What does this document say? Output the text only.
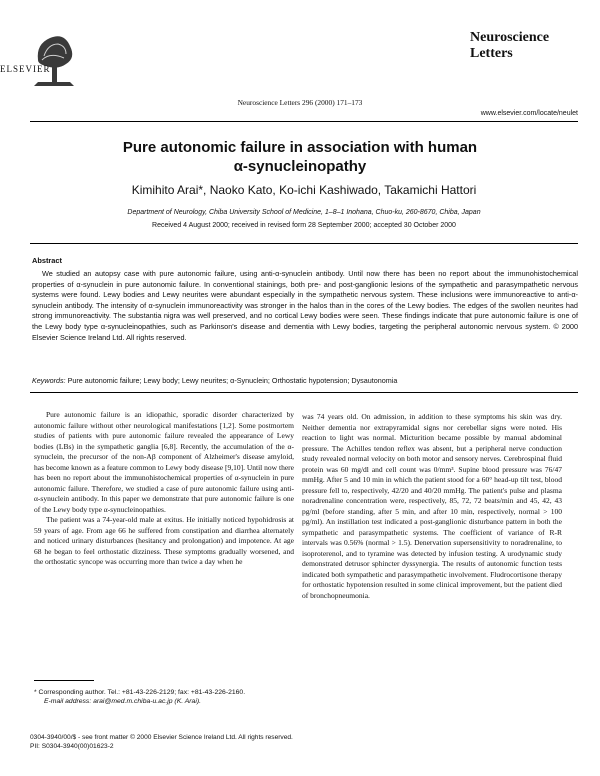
ELSEVIER
Neuroscience Letters 296 (2000) 171–173
Neuroscience
Letters
www.elsevier.com/locate/neulet
Pure autonomic failure in association with human
α-synucleinopathy
Kimihito Arai*, Naoko Kato, Ko-ichi Kashiwado, Takamichi Hattori
Department of Neurology, Chiba University School of Medicine, 1–8–1 Inohana, Chuo-ku, 260-8670, Chiba, Japan
Received 4 August 2000; received in revised form 28 September 2000; accepted 30 October 2000
Abstract

We studied an autopsy case with pure autonomic failure, using anti-α-synuclein antibody. Until now there has been no report about the immunohistochemical properties of α-synuclein in pure autonomic failure. In conventional stainings, both pre- and post-ganglionic lesions of the sympathetic and parasympathetic nervous systems were found. Lewy bodies and Lewy neurites were abundant especially in the sympathetic nervous system. These inclusions were immunoreactive to anti-α-synuclein antibody. The intensity of α-synuclein immunoreactivity was stronger in the halos than in the cores of the Lewy bodies. The edges of the swollen neurites had strong immunoreactivity. The substantia nigra was well preserved, and no cortical Lewy bodies were seen. These findings indicate that pure autonomic failure is one of the Lewy body type α-synucleinopathies, such as Parkinson's disease and dementia with Lewy bodies, targeting the peripheral autonomic nervous system. © 2000 Elsevier Science Ireland Ltd. All rights reserved.

Keywords: Pure autonomic failure; Lewy body; Lewy neurites; α-Synuclein; Orthostatic hypotension; Dysautonomia

Pure autonomic failure is an idiopathic, sporadic disorder characterized by autonomic failure without other neurological manifestations [1,2]. Some postmortem studies of patients with pure autonomic failure revealed the appearance of Lewy bodies (LBs) in the sympathetic ganglia [6,8]. Recently, the accumulation of the α-synuclein, the precursor of the non-Aβ component of Alzheimer's disease amyloid, has become known as a feature common to Lewy body disease [9,10]. Until now there has been no report about the immunohistochemical properties of α-synuclein in pure autonomic failure. Therefore, we studied a case of pure autonomic failure using anti-α-synuclein antibody. In this paper we demonstrate that pure autonomic failure is one of the Lewy body type α-synucleinopathies.

The patient was a 74-year-old male at exitus. He initially noticed hypohidrosis at 59 years of age. From age 66 he suffered from constipation and diarrhea alternately and noticed urinary disturbances (hesitancy and prolongation) and impotence. At age 68 he began to feel orthostatic dizziness. These symptoms gradually worsened, and the orthostatic syncope was occurring more than twice a day when he

was 74 years old. On admission, in addition to these symptoms his skin was dry. Neither dementia nor extrapyramidal signs nor cerebellar signs were noted. His reaction to light was normal. Micturition became possible by manual abdominal pressure. The Achilles tendon reflex was absent, but a peripheral nerve conduction study revealed normal velocity on both motor and sensory nerves. Cerebrospinal fluid protein was 60 mg/dl and cell count was 0/mm³. Supine blood pressure was 76/47 mmHg. After 5 and 10 min in which the patient stood for a 60° head-up tilt test, blood pressure fell to, respectively, 42/20 and 40/20 mmHg. The patient's pulse and plasma noradrenaline concentration were, respectively, 85, 72, 72 beats/min and 45, 42, 43 pg/ml (before standing, after 5 min, and after 10 min, respectively, normal > 100 pg/ml). An instillation test indicated a post-ganglionic disturbance pattern in both the sympathetic and parasympathetic systems. The coefficient of variance of R-R intervals was 0.56% (normal > 1.5). Denervation supersensitivity to noradrenaline, to isoproterenol, and to tyramine was detected by infusion testing. A urodynamic study demonstrated detrusor sphincter dyssynergia. The results of autonomic function tests indicated both sympathetic and parasympathetic involvement. Fludrocortisone therapy for orthostatic hypotension resulted in some clinical improvement, but the patient died of bronchopneumonia.

* Corresponding author. Tel.: +81-43-226-2129; fax: +81-43-226-2160.

E-mail address: arai@med.m.chiba-u.ac.jp (K. Arai).

0304-3940/00/$ - see front matter © 2000 Elsevier Science Ireland Ltd. All rights reserved.
PII: S0304-3940(00)01623-2
